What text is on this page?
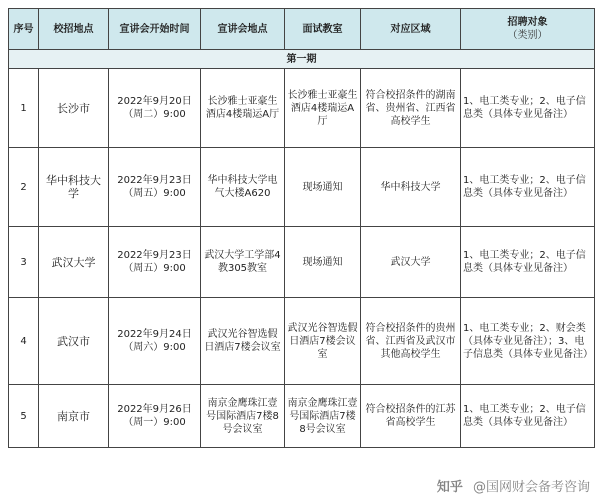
序号	校招地点	宣讲会开始时间	宣讲会地点	面试教室	对应区域	招聘对象
（类别）

第一期						
1	长沙市	2022年9月20日（周二）9:00	长沙雅士亚豪生酒店4楼瑞运A厅	长沙雅士亚豪生酒店4楼瑞运A厅	符合校招条件的湖南省、贵州省、江西省高校学生	1、电工类专业；2、电子信息类（具体专业见备注）
2	华中科技大学	2022年9月23日（周五）9:00	华中科技大学电气大楼A620	现场通知	华中科技大学	1、电工类专业；2、电子信息类（具体专业见备注）
3	武汉大学	2022年9月23日（周五）9:00	武汉大学工学部4教305教室	现场通知	武汉大学	1、电工类专业；2、电子信息类（具体专业见备注）
4	武汉市	2022年9月24日（周六）9:00	武汉光谷智选假日酒店7楼会议室	武汉光谷智选假日酒店7楼会议室	符合校招条件的贵州省、江西省及武汉市其他高校学生	1、电工类专业；2、财会类（具体专业见备注）；3、电子信息类（具体专业见备注）
5	南京市	2022年9月26日（周一）9:00	南京金鹰珠江壹号国际酒店7楼8号会议室	南京金鹰珠江壹号国际酒店7楼8号会议室	符合校招条件的江苏省高校学生	1、电工类专业；2、电子信息类（具体专业见备注）
知乎 @国网财会备考咨询
